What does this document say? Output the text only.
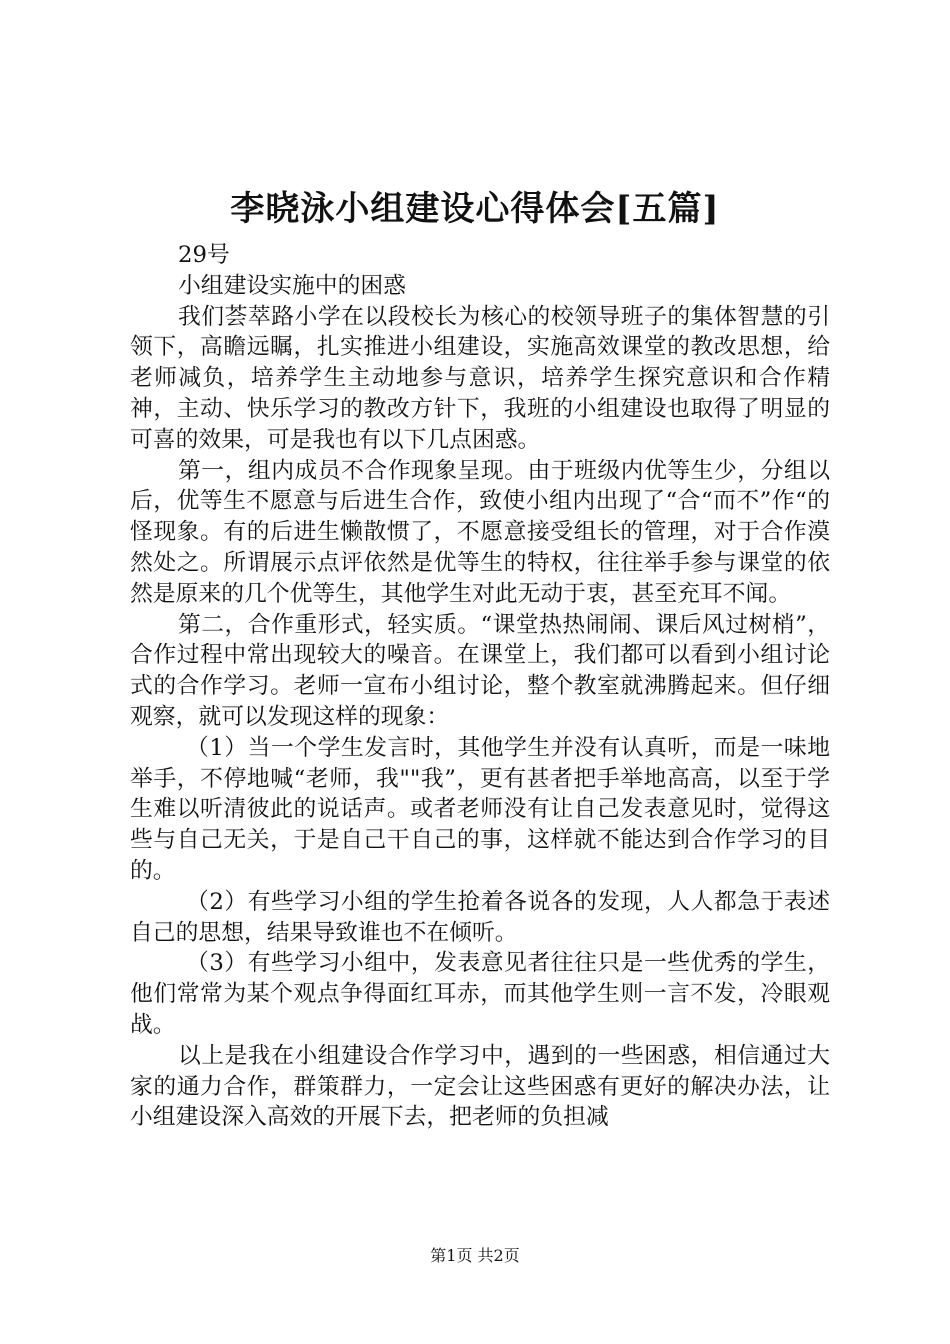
李晓泳小组建设心得体会[五篇]

29号

小组建设实施中的困惑

我们荟萃路小学在以段校长为核心的校领导班子的集体智慧的引领下，高瞻远瞩，扎实推进小组建设，实施高效课堂的教改思想，给老师减负，培养学生主动地参与意识，培养学生探究意识和合作精神，主动、快乐学习的教改方针下，我班的小组建设也取得了明显的可喜的效果，可是我也有以下几点困惑。

第一，组内成员不合作现象呈现。由于班级内优等生少，分组以后，优等生不愿意与后进生合作，致使小组内出现了“合“而不”作“的怪现象。有的后进生懒散惯了，不愿意接受组长的管理，对于合作漠然处之。所谓展示点评依然是优等生的特权，往往举手参与课堂的依然是原来的几个优等生，其他学生对此无动于衷，甚至充耳不闻。

第二，合作重形式，轻实质。“课堂热热闹闹、课后风过树梢”，合作过程中常出现较大的噪音。在课堂上，我们都可以看到小组讨论式的合作学习。老师一宣布小组讨论，整个教室就沸腾起来。但仔细观察，就可以发现这样的现象：

（1）当一个学生发言时，其他学生并没有认真听，而是一味地举手，不停地喊“老师，我""我”，更有甚者把手举地高高，以至于学生难以听清彼此的说话声。或者老师没有让自己发表意见时，觉得这些与自己无关，于是自己干自己的事，这样就不能达到合作学习的目的。

（2）有些学习小组的学生抢着各说各的发现，人人都急于表述自己的思想，结果导致谁也不在倾听。

（3）有些学习小组中，发表意见者往往只是一些优秀的学生，他们常常为某个观点争得面红耳赤，而其他学生则一言不发，冷眼观战。

以上是我在小组建设合作学习中，遇到的一些困惑，相信通过大家的通力合作，群策群力，一定会让这些困惑有更好的解决办法，让小组建设深入高效的开展下去，把老师的负担减

第1页 共2页
